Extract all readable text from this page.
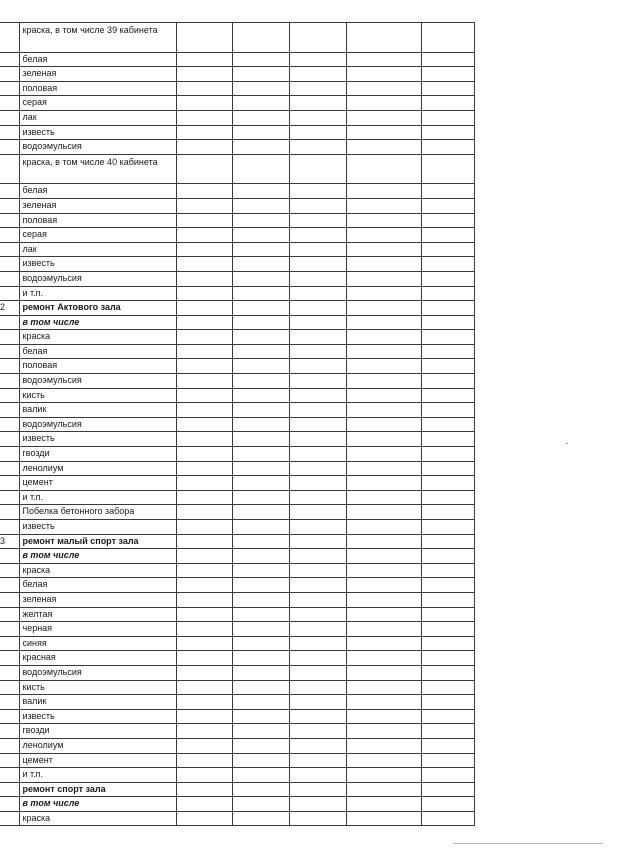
	краска, в том числе 39 кабинета					
	белая					
	зеленая					
	половая					
	серая					
	лак					
	известь					
	водоэмульсия					
	краска, в том числе 40 кабинета					
	белая					
	зеленая					
	половая					
	серая					
	лак					
	известь					
	водоэмульсия					
	и т.п.					
2	ремонт Актового зала					
	в том числе					
	краска					
	белая					
	половая					
	водоэмульсия					
	кисть					
	валик					
	водоэмульсия					
	известь					
	гвозди					
	ленолиум					
	цемент					
	и т.п.					
	Побелка бетонного забора					
	известь					
3	ремонт малый спорт зала					
	в том числе					
	краска					
	белая					
	зеленая					
	желтая					
	черная					
	синяя					
	красная					
	водоэмульсия					
	кисть					
	валик					
	известь					
	гвозди					
	ленолиум					
	цемент					
	и т.п.					
	ремонт спорт зала					
	в том числе					
	краска					
